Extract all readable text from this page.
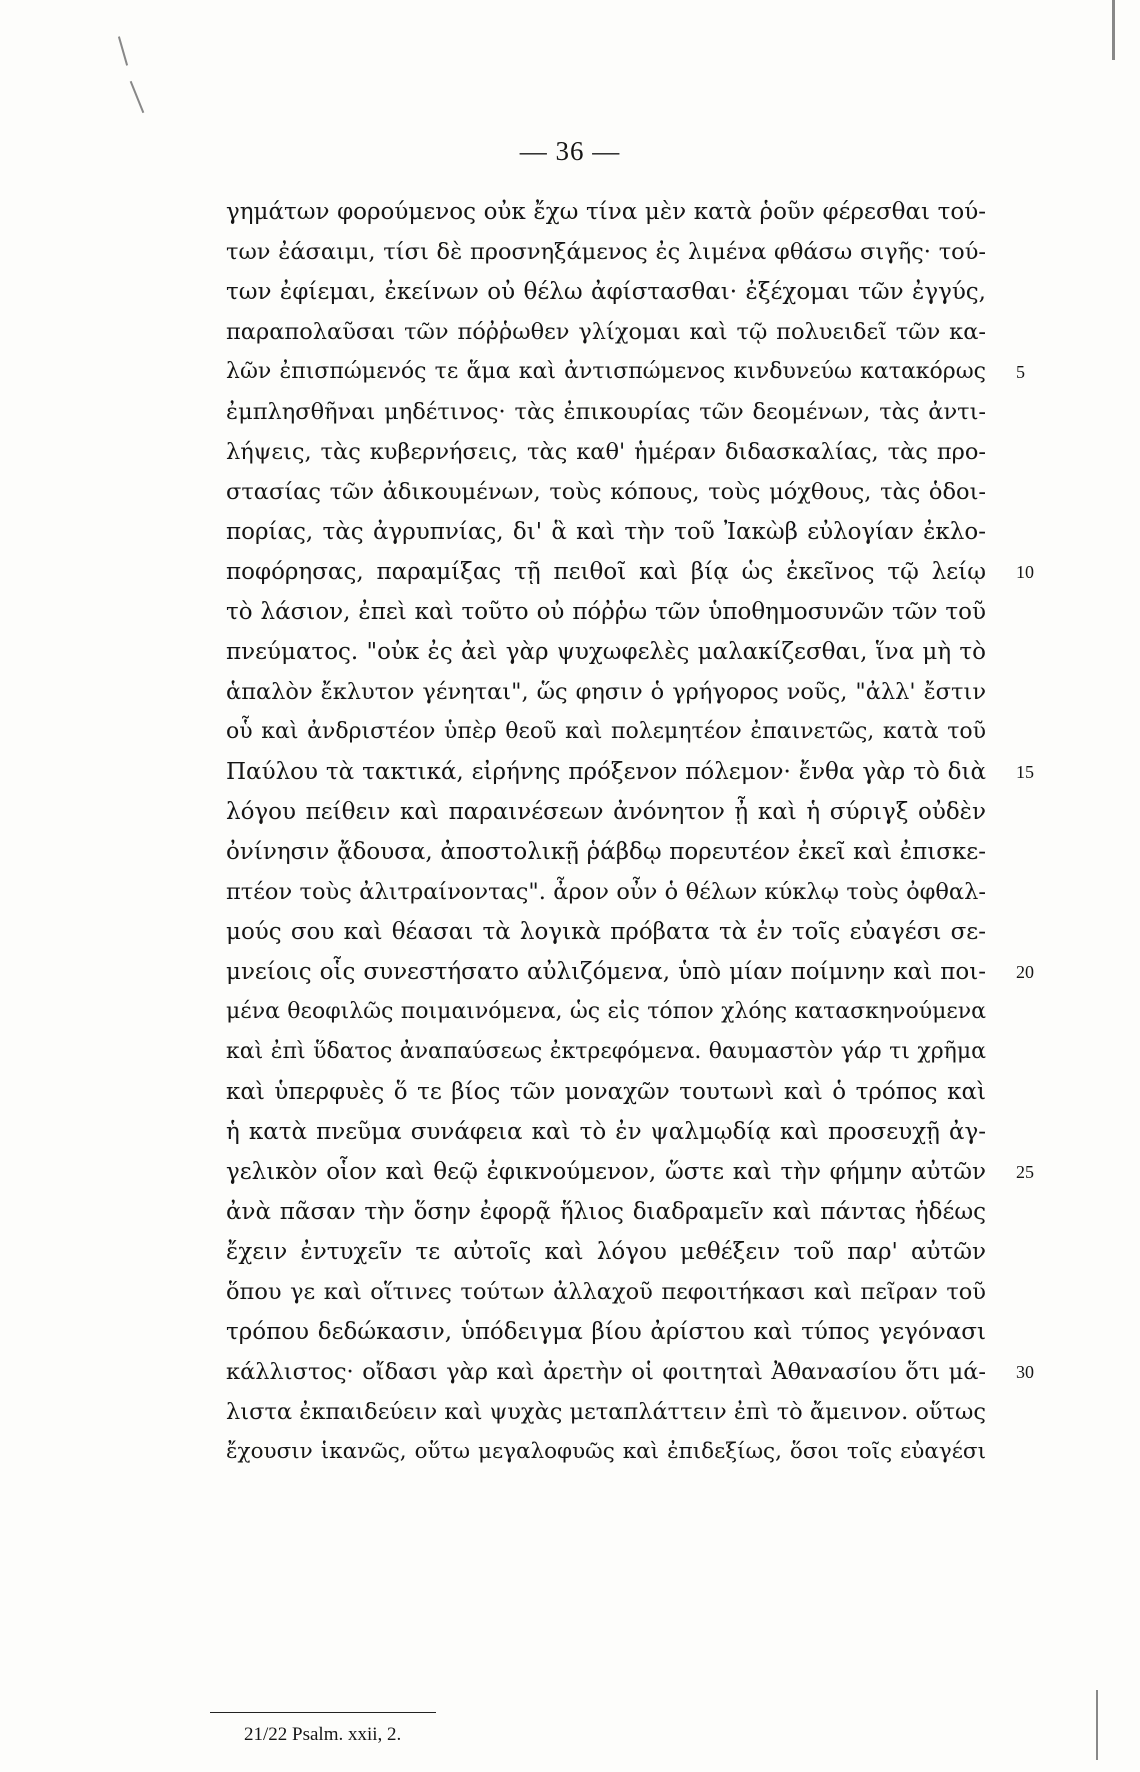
— 36 —
γημάτων φορούμενος οὐκ ἔχω τίνα μὲν κατὰ ῥοῦν φέρεσθαι τού-
των ἐάσαιμι, τίσι δὲ προσνηξάμενος ἐς λιμένα φθάσω σιγῆς· τού-
των ἐφίεμαι, ἐκείνων οὐ θέλω ἀφίστασθαι· ἐξέχομαι τῶν ἐγγύς,
παραπολαῦσαι τῶν πόῤῥωθεν γλίχομαι καὶ τῷ πολυειδεῖ τῶν κα-
λῶν ἐπισπώμενός τε ἅμα καὶ ἀντισπώμενος κινδυνεύω κατακόρως
ἐμπλησθῆναι μηδέτινος· τὰς ἐπικουρίας τῶν δεομένων, τὰς ἀντι-
λήψεις, τὰς κυβερνήσεις, τὰς καθ' ἡμέραν διδασκαλίας, τὰς προ-
στασίας τῶν ἀδικουμένων, τοὺς κόπους, τοὺς μόχθους, τὰς ὁδοι-
πορίας, τὰς ἀγρυπνίας, δι' ἃ καὶ τὴν τοῦ Ἰακὼβ εὐλογίαν ἐκλο-
ποφόρησας, παραμίξας τῇ πειθοῖ καὶ βίᾳ ὡς ἐκεῖνος τῷ λείῳ
τὸ λάσιον, ἐπεὶ καὶ τοῦτο οὐ πόῤῥω τῶν ὑποθημοσυνῶν τῶν τοῦ
πνεύματος. "οὐκ ἐς ἀεὶ γὰρ ψυχωφελὲς μαλακίζεσθαι, ἵνα μὴ τὸ
ἁπαλὸν ἔκλυτον γένηται", ὥς φησιν ὁ γρήγορος νοῦς, "ἀλλ' ἔστιν
οὗ καὶ ἀνδριστέον ὑπὲρ θεοῦ καὶ πολεμητέον ἐπαινετῶς, κατὰ τοῦ
Παύλου τὰ τακτικά, εἰρήνης πρόξενον πόλεμον· ἔνθα γὰρ τὸ διὰ
λόγου πείθειν καὶ παραινέσεων ἀνόνητον ᾖ καὶ ἡ σύριγξ οὐδὲν
ὀνίνησιν ᾄδουσα, ἀποστολικῇ ῥάβδῳ πορευτέον ἐκεῖ καὶ ἐπισκε-
πτέον τοὺς ἀλιτραίνοντας". ἆρον οὖν ὁ θέλων κύκλῳ τοὺς ὀφθαλ-
μούς σου καὶ θέασαι τὰ λογικὰ πρόβατα τὰ ἐν τοῖς εὐαγέσι σε-
μνείοις οἷς συνεστήσατο αὐλιζόμενα, ὑπὸ μίαν ποίμνην καὶ ποι-
μένα θεοφιλῶς ποιμαινόμενα, ὡς εἰς τόπον χλόης κατασκηνούμενα
καὶ ἐπὶ ὕδατος ἀναπαύσεως ἐκτρεφόμενα. θαυμαστὸν γάρ τι χρῆμα
καὶ ὑπερφυὲς ὅ τε βίος τῶν μοναχῶν τουτωνὶ καὶ ὁ τρόπος καὶ
ἡ κατὰ πνεῦμα συνάφεια καὶ τὸ ἐν ψαλμῳδίᾳ καὶ προσευχῇ ἀγ-
γελικὸν οἷον καὶ θεῷ ἐφικνούμενον, ὥστε καὶ τὴν φήμην αὐτῶν
ἀνὰ πᾶσαν τὴν ὅσην ἐφορᾷ ἥλιος διαδραμεῖν καὶ πάντας ἡδέως
ἔχειν ἐντυχεῖν τε αὐτοῖς καὶ λόγου μεθέξειν τοῦ παρ' αὐτῶν
ὅπου γε καὶ οἵτινες τούτων ἀλλαχοῦ πεφοιτήκασι καὶ πεῖραν τοῦ
τρόπου δεδώκασιν, ὑπόδειγμα βίου ἀρίστου καὶ τύπος γεγόνασι
κάλλιστος· οἴδασι γὰρ καὶ ἀρετὴν οἱ φοιτηταὶ Ἀθανασίου ὅτι μά-
λιστα ἐκπαιδεύειν καὶ ψυχὰς μεταπλάττειν ἐπὶ τὸ ἄμεινον. οὕτως
ἔχουσιν ἱκανῶς, οὕτω μεγαλοφυῶς καὶ ἐπιδεξίως, ὅσοι τοῖς εὐαγέσι
5
10
15
20
25
30
21/22 Psalm. xxii, 2.
